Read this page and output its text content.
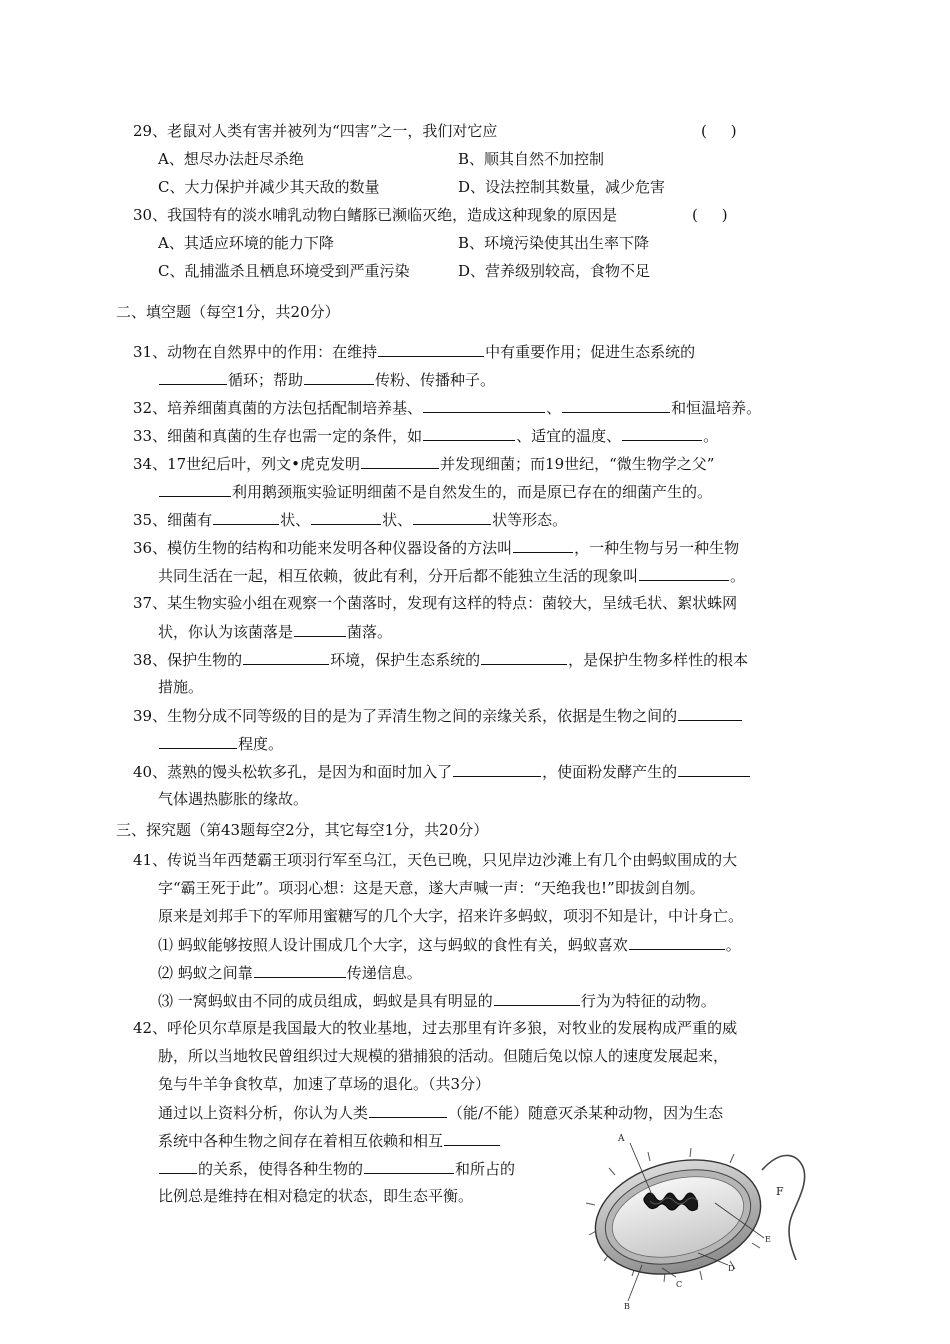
29、老鼠对人类有害并被列为“四害”之一，我们对它应	(     )
A、想尽办法赶尽杀绝	B、顺其自然不加控制
C、大力保护并减少其天敌的数量	D、设法控制其数量，减少危害
30、我国特有的淡水哺乳动物白鳍豚已濒临灭绝，造成这种现象的原因是	(     )
A、其适应环境的能力下降	B、环境污染使其出生率下降
C、乱捕滥杀且栖息环境受到严重污染	D、营养级别较高，食物不足
二、填空题（每空1分，共20分）
31、动物在自然界中的作用：在维持	中有重要作用；促进生态系统的
循环；帮助	传粉、传播种子。
32、培养细菌真菌的方法包括配制培养基、	、	和恒温培养。
33、细菌和真菌的生存也需一定的条件，如	、适宜的温度、	。
34、17世纪后叶，列文•虎克发明	并发现细菌；而19世纪，“微生物学之父”
利用鹅颈瓶实验证明细菌不是自然发生的，而是原已存在的细菌产生的。
35、细菌有	状、	状、	状等形态。
36、模仿生物的结构和功能来发明各种仪器设备的方法叫	，一种生物与另一种生物
共同生活在一起，相互依赖，彼此有利，分开后都不能独立生活的现象叫	。
37、某生物实验小组在观察一个菌落时，发现有这样的特点：菌较大，呈绒毛状、絮状蛛网
状，你认为该菌落是	菌落。
38、保护生物的	环境，保护生态系统的	，是保护生物多样性的根本
措施。
39、生物分成不同等级的目的是为了弄清生物之间的亲缘关系，依据是生物之间的
程度。
40、蒸熟的馒头松软多孔，是因为和面时加入了	，使面粉发酵产生的
气体遇热膨胀的缘故。
三、探究题（第43题每空2分，其它每空1分，共20分）
41、传说当年西楚霸王项羽行军至乌江，天色已晚，只见岸边沙滩上有几个由蚂蚁围成的大
字“霸王死于此”。项羽心想：这是天意，遂大声喊一声：“天绝我也!”即拔剑自刎。
原来是刘邦手下的军师用蜜糖写的几个大字，招来许多蚂蚁，项羽不知是计，中计身亡。
⑴ 蚂蚁能够按照人设计围成几个大字，这与蚂蚁的食性有关，蚂蚁喜欢	。
⑵ 蚂蚁之间靠	传递信息。
⑶ 一窝蚂蚁由不同的成员组成，蚂蚁是具有明显的	行为为特征的动物。
42、呼伦贝尔草原是我国最大的牧业基地，过去那里有许多狼，对牧业的发展构成严重的威
胁，所以当地牧民曾组织过大规模的猎捕狼的活动。但随后兔以惊人的速度发展起来，
兔与牛羊争食牧草，加速了草场的退化。（共3分）
通过以上资料分析，你认为人类	（能/不能）随意灭杀某种动物，因为生态
系统中各种生物之间存在着相互依赖和相互
的关系，使得各种生物的	和所占的
比例总是维持在相对稳定的状态，即生态平衡。
A
B
C
D
E
F
